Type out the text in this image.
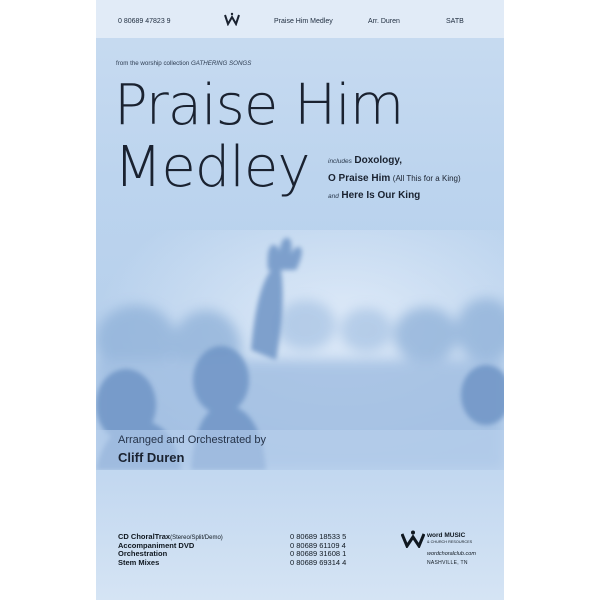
0 80689 47823 9	Praise Him Medley	Arr. Duren	SATB
from the worship collection GATHERING SONGS
Praise Him
Medley	includes Doxology,
O Praise Him (All This for a King)
and Here Is Our King
Arranged and Orchestrated by
Cliff Duren
CD ChoralTrax(Stereo/Split/Demo)	0 80689 18533 5
Accompaniment DVD	0 80689 61109 4
Orchestration	0 80689 31608 1
Stem Mixes	0 80689 69314 4
word MUSIC
& CHURCH RESOURCES
wordchoralclub.com
NASHVILLE, TN
